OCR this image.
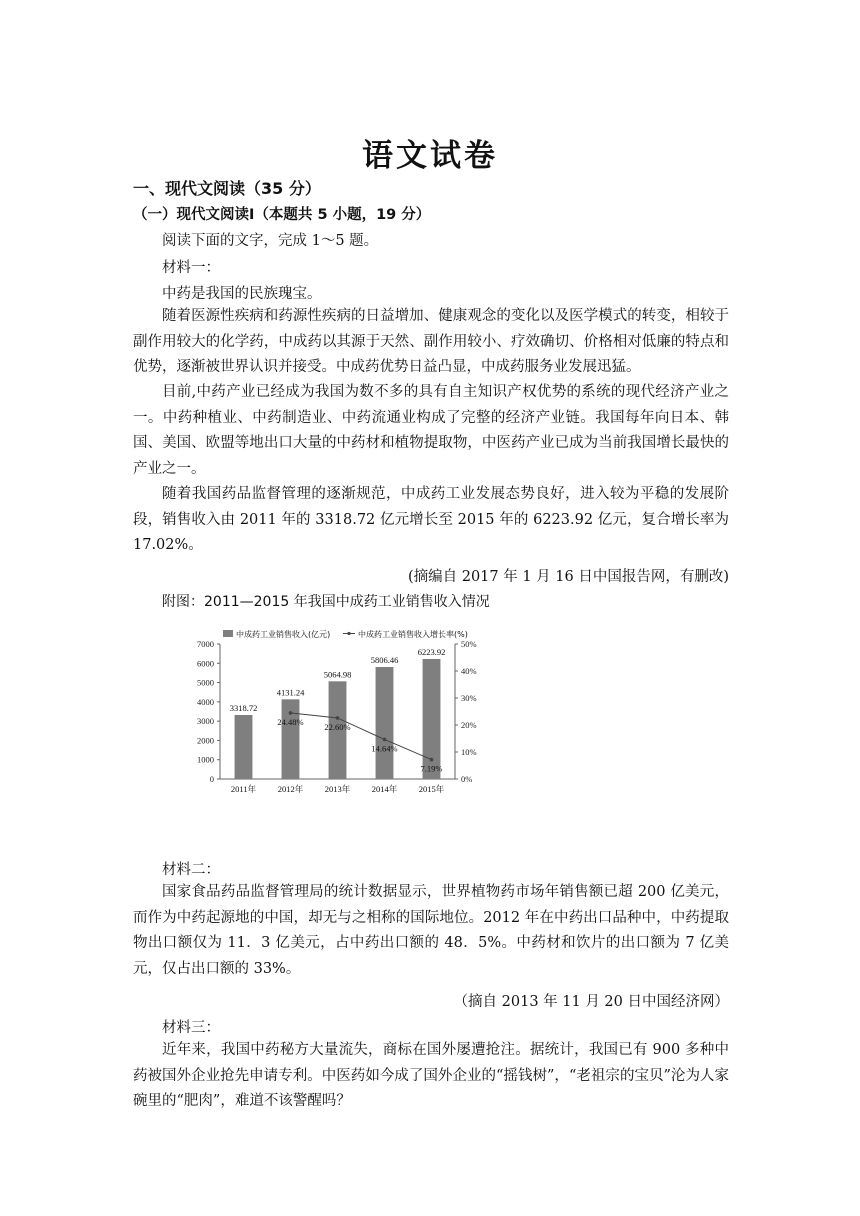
语文试卷
一、现代文阅读（35 分）
（一）现代文阅读Ⅰ（本题共 5 小题，19 分）
阅读下面的文字，完成 1～5 题。
材料一：
中药是我国的民族瑰宝。
随着医源性疾病和药源性疾病的日益增加、健康观念的变化以及医学模式的转变，相较于副作用较大的化学药，中成药以其源于天然、副作用较小、疗效确切、价格相对低廉的特点和优势，逐渐被世界认识并接受。中成药优势日益凸显，中成药服务业发展迅猛。
目前,中药产业已经成为我国为数不多的具有自主知识产权优势的系统的现代经济产业之一。中药种植业、中药制造业、中药流通业构成了完整的经济产业链。我国每年向日本、韩国、美国、欧盟等地出口大量的中药材和植物提取物，中医药产业已成为当前我国增长最快的产业之一。
随着我国药品监督管理的逐渐规范，中成药工业发展态势良好，进入较为平稳的发展阶段，销售收入由 2011 年的 3318.72 亿元增长至 2015 年的 6223.92 亿元，复合增长率为 17.02%。
(摘编自 2017 年 1 月 16 日中国报告网，有删改)
附图：2011—2015 年我国中成药工业销售收入情况
0
1000
2000
3000
4000
5000
6000
7000
0%
10%
20%
30%
40%
50%
3318.72
2011年
4131.24
2012年
5064.98
2013年
5806.46
2014年
6223.92
2015年
24.48%
22.60%
14.64%
7.19%
中成药工业销售收入(亿元)	中成药工业销售收入增长率(%)
材料二：
国家食品药品监督管理局的统计数据显示，世界植物药市场年销售额已超 200 亿美元，而作为中药起源地的中国，却无与之相称的国际地位。2012 年在中药出口品种中，中药提取物出口额仅为 11．3 亿美元，占中药出口额的 48．5%。中药材和饮片的出口额为 7 亿美元，仅占出口额的 33%。
（摘自 2013 年 11 月 20 日中国经济网）
材料三：
近年来，我国中药秘方大量流失，商标在国外屡遭抢注。据统计，我国已有 900 多种中药被国外企业抢先申请专利。中医药如今成了国外企业的“摇钱树”，“老祖宗的宝贝”沦为人家碗里的“肥肉”，难道不该警醒吗？
